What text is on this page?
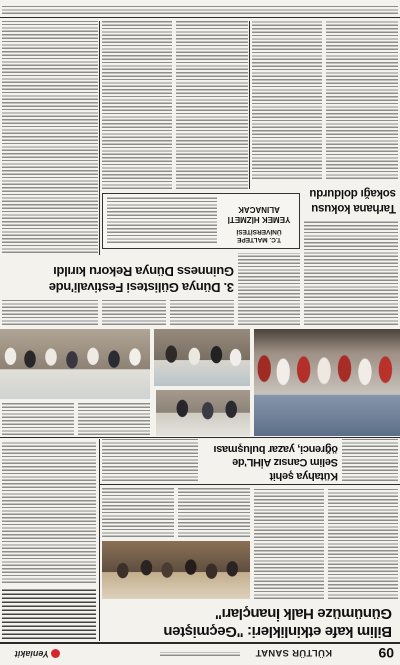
09
KÜLTÜR SANAT
Yeniakit
Bilim kafe etkinlikleri: "Geçmişten
Günümüze Halk İnançları"
Kütahya şehit
Selim Cansız AİHL'de
öğrenci, yazar buluşması
3. Dünya Gülistesi Festivali'nde
Guinness Dünya Rekoru kırıldı
T.C. MALTEPE ÜNİVERSİTESİ
YEMEK HİZMETİ ALINACAK	Tarhana kokusu
sokağı doldurdu
